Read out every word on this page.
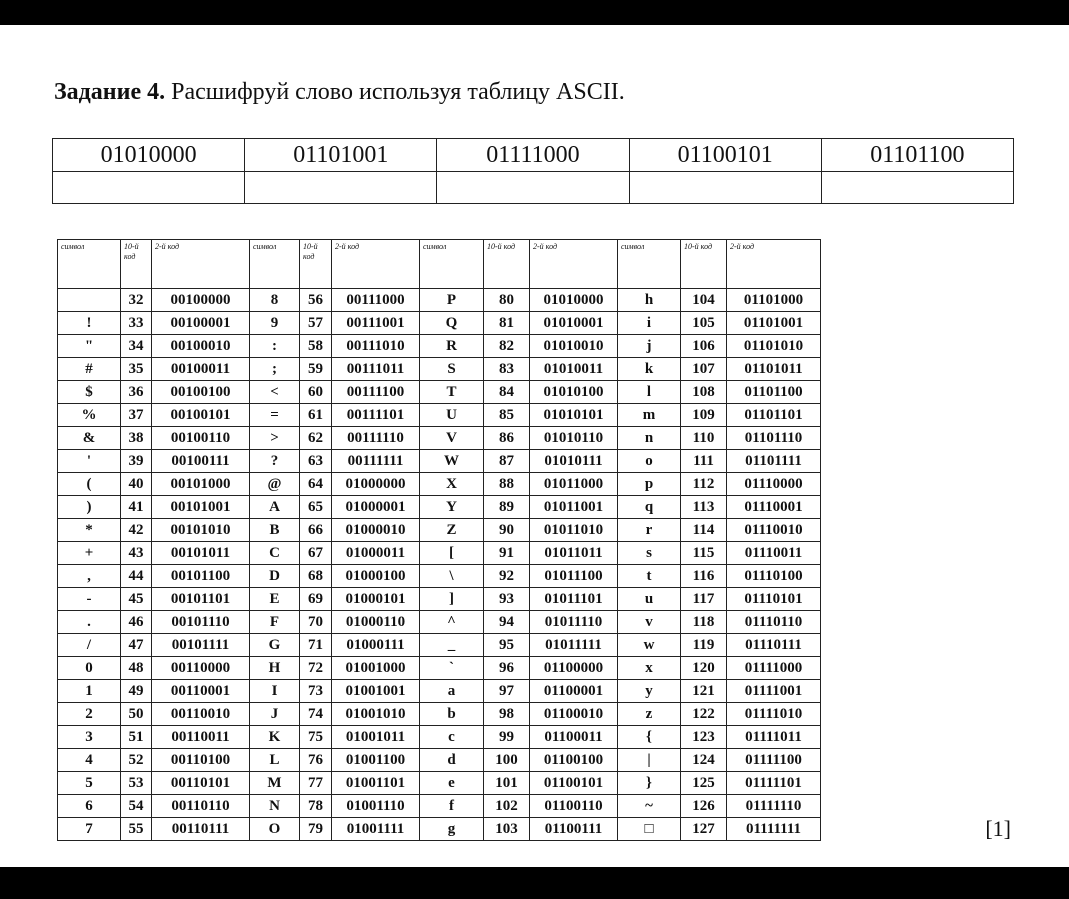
Задание 4. Расшифруй слово используя таблицу ASCII.
01010000	01101001	01111000	01100101	01101100

символ	10-й код	2-й код	символ	10-й код	2-й код	символ	10-й код	2-й код	символ	10-й код	2-й код
	32	00100000	8	56	00111000	P	80	01010000	h	104	01101000
!	33	00100001	9	57	00111001	Q	81	01010001	i	105	01101001
"	34	00100010	:	58	00111010	R	82	01010010	j	106	01101010
#	35	00100011	;	59	00111011	S	83	01010011	k	107	01101011
$	36	00100100	<	60	00111100	T	84	01010100	l	108	01101100
%	37	00100101	=	61	00111101	U	85	01010101	m	109	01101101
&	38	00100110	>	62	00111110	V	86	01010110	n	110	01101110
'	39	00100111	?	63	00111111	W	87	01010111	o	111	01101111
(	40	00101000	@	64	01000000	X	88	01011000	p	112	01110000
)	41	00101001	A	65	01000001	Y	89	01011001	q	113	01110001
*	42	00101010	B	66	01000010	Z	90	01011010	r	114	01110010
+	43	00101011	C	67	01000011	[	91	01011011	s	115	01110011
,	44	00101100	D	68	01000100	\	92	01011100	t	116	01110100
-	45	00101101	E	69	01000101	]	93	01011101	u	117	01110101
.	46	00101110	F	70	01000110	^	94	01011110	v	118	01110110
/	47	00101111	G	71	01000111	_	95	01011111	w	119	01110111
0	48	00110000	H	72	01001000	`	96	01100000	x	120	01111000
1	49	00110001	I	73	01001001	a	97	01100001	y	121	01111001
2	50	00110010	J	74	01001010	b	98	01100010	z	122	01111010
3	51	00110011	K	75	01001011	c	99	01100011	{	123	01111011
4	52	00110100	L	76	01001100	d	100	01100100	|	124	01111100
5	53	00110101	M	77	01001101	e	101	01100101	}	125	01111101
6	54	00110110	N	78	01001110	f	102	01100110	~	126	01111110
7	55	00110111	O	79	01001111	g	103	01100111	□	127	01111111	[1]
